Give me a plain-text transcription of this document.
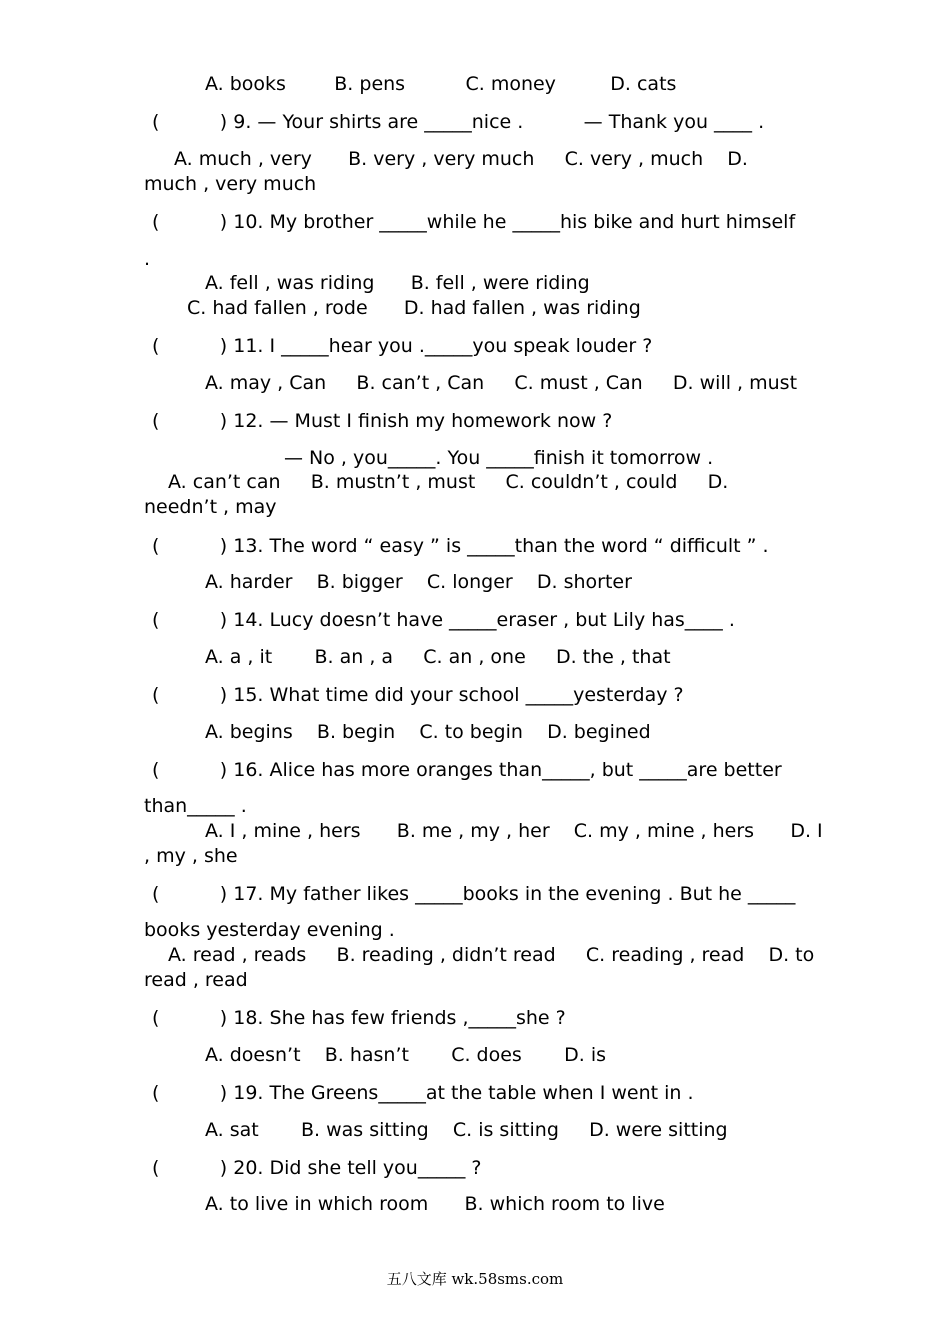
A. books        B. pens          C. money         D. cats
(          ) 9. — Your shirts are _____nice .          — Thank you ____ .
A. much , very      B. very , very much     C. very , much    D.
much , very much
(          ) 10. My brother _____while he _____his bike and hurt himself
.
A. fell , was riding      B. fell , were riding
C. had fallen , rode      D. had fallen , was riding
(          ) 11. I _____hear you ._____you speak louder ?
A. may , Can     B. can’t , Can     C. must , Can     D. will , must
(          ) 12. — Must I finish my homework now ?
— No , you_____. You _____finish it tomorrow .
A. can’t can     B. mustn’t , must     C. couldn’t , could     D.
needn’t , may
(          ) 13. The word “ easy ” is _____than the word “ difficult ” .
A. harder    B. bigger    C. longer    D. shorter
(          ) 14. Lucy doesn’t have _____eraser , but Lily has____ .
A. a , it       B. an , a     C. an , one     D. the , that
(          ) 15. What time did your school _____yesterday ?
A. begins    B. begin    C. to begin    D. begined
(          ) 16. Alice has more oranges than_____, but _____are better
than_____ .
A. I , mine , hers      B. me , my , her    C. my , mine , hers      D. I
, my , she
(          ) 17. My father likes _____books in the evening . But he _____
books yesterday evening .
A. read , reads     B. reading , didn’t read     C. reading , read    D. to
read , read
(          ) 18. She has few friends ,_____she ?
A. doesn’t    B. hasn’t       C. does       D. is
(          ) 19. The Greens_____at the table when I went in .
A. sat       B. was sitting    C. is sitting     D. were sitting
(          ) 20. Did she tell you_____ ?
A. to live in which room      B. which room to live
五八文库 wk.58sms.com
